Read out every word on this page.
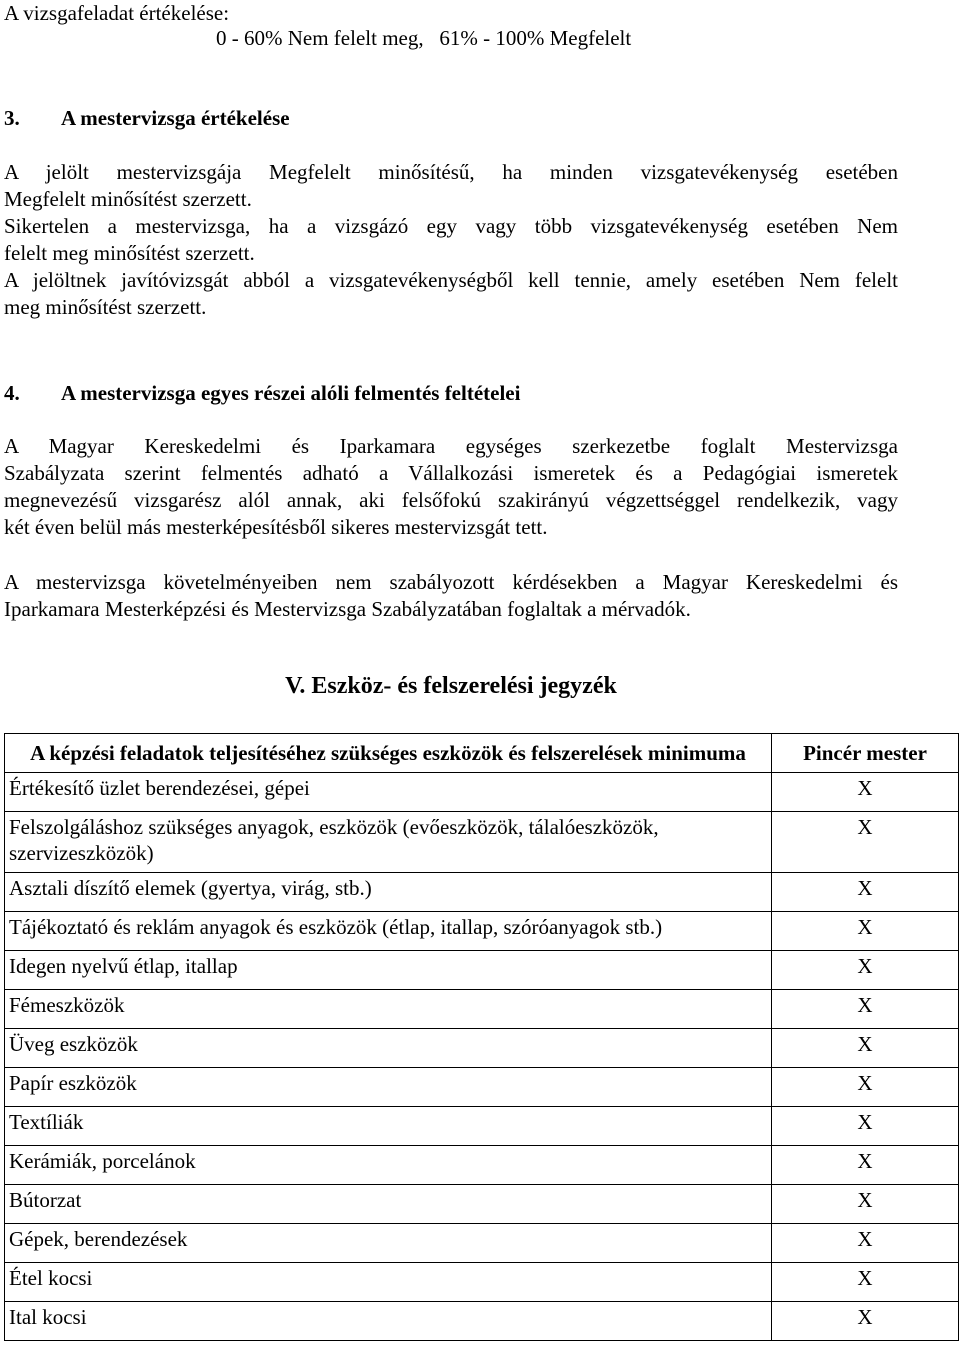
A vizsgafeladat értékelése:
0 - 60% Nem felelt meg,   61% - 100% Megfelelt
3. A mestervizsga értékelése
A jelölt mestervizsgája Megfelelt minősítésű, ha minden vizsgatevékenység esetében
Megfelelt minősítést szerzett.
Sikertelen a mestervizsga, ha a vizsgázó egy vagy több vizsgatevékenység esetében Nem
felelt meg minősítést szerzett.
A jelöltnek javítóvizsgát abból a vizsgatevékenységből kell tennie, amely esetében Nem felelt
meg minősítést szerzett.
4. A mestervizsga egyes részei alóli felmentés feltételei
A Magyar Kereskedelmi és Iparkamara egységes szerkezetbe foglalt Mestervizsga
Szabályzata szerint felmentés adható a Vállalkozási ismeretek és a Pedagógiai ismeretek
megnevezésű vizsgarész alól annak, aki felsőfokú szakirányú végzettséggel rendelkezik, vagy
két éven belül más mesterképesítésből sikeres mestervizsgát tett.
A mestervizsga követelményeiben nem szabályozott kérdésekben a Magyar Kereskedelmi és
Iparkamara Mesterképzési és Mestervizsga Szabályzatában foglaltak a mérvadók.
V. Eszköz- és felszerelési jegyzék
A képzési feladatok teljesítéséhez szükséges eszközök és felszerelések minimuma	Pincér mester
Értékesítő üzlet berendezései, gépei	X
Felszolgáláshoz szükséges anyagok, eszközök (evőeszközök, tálalóeszközök, szervizeszközök)	X
Asztali díszítő elemek (gyertya, virág, stb.)	X
Tájékoztató és reklám anyagok és eszközök (étlap, itallap, szóróanyagok stb.)	X
Idegen nyelvű étlap, itallap	X
Fémeszközök	X
Üveg eszközök	X
Papír eszközök	X
Textíliák	X
Kerámiák, porcelánok	X
Bútorzat	X
Gépek, berendezések	X
Étel kocsi	X
Ital kocsi	X
